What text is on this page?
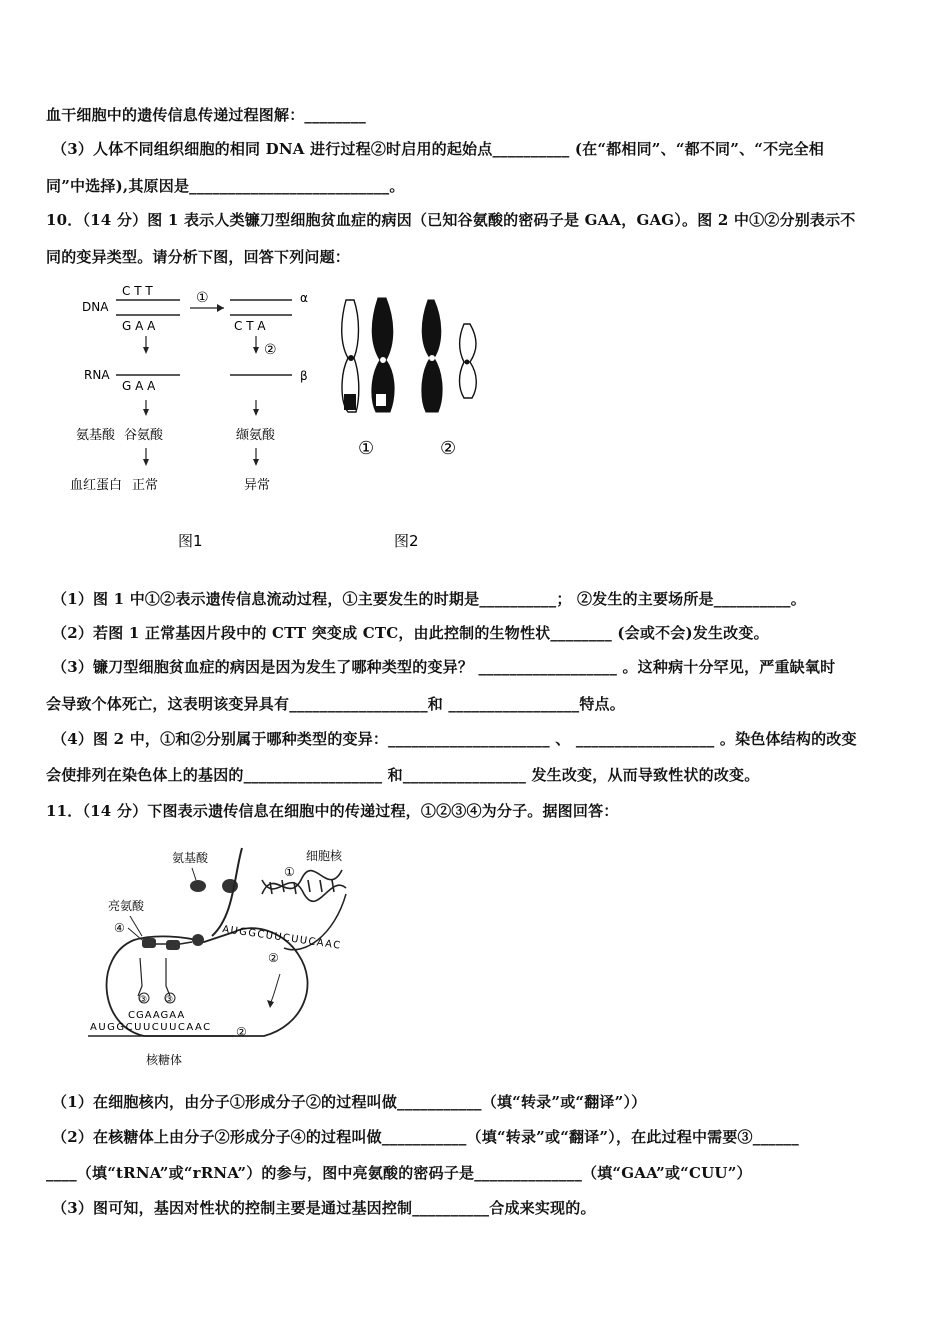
血干细胞中的遗传信息传递过程图解：________
（3）人体不同组织细胞的相同 DNA 进行过程②时启用的起始点__________ (在“都相同”、“都不同”、“不完全相
同”中选择),其原因是__________________________。
10．（14 分）图 1 表示人类镰刀型细胞贫血症的病因（已知谷氨酸的密码子是 GAA，GAG）。图 2 中①②分别表示不
同的变异类型。请分析下图，回答下列问题：
DNA
C T T
G A A
①	α
C T A
②
RNA
G A A
β
氨基酸 谷氨酸	缬氨酸
血红蛋白 正常	异常
图1
①	②
图2
（1）图 1 中①②表示遗传信息流动过程，①主要发生的时期是__________； ②发生的主要场所是__________。
（2）若图 1 正常基因片段中的 CTT 突变成 CTC，由此控制的生物性状________ (会或不会)发生改变。
（3）镰刀型细胞贫血症的病因是因为发生了哪种类型的变异？ __________________ 。这种病十分罕见，严重缺氧时
会导致个体死亡，这表明该变异具有__________________和 _________________特点。
（4）图 2 中，①和②分别属于哪种类型的变异：_____________________ 、 __________________ 。染色体结构的改变
会使排列在染色体上的基因的__________________ 和________________ 发生改变，从而导致性状的改变。
11．（14 分）下图表示遗传信息在细胞中的传递过程，①②③④为分子。据图回答：
氨基酸	细胞核
①
亮氨酸
④
③ ③
CGAAGAA
AUGGCUUCUUCAAC
AUGGCUUCUUCAAC
②
②
核糖体
（1）在细胞核内，由分子①形成分子②的过程叫做___________（填“转录”或“翻译”））
（2）在核糖体上由分子②形成分子④的过程叫做___________（填“转录”或“翻译”），在此过程中需要③______
____（填“tRNA”或“rRNA”）的参与，图中亮氨酸的密码子是______________（填“GAA”或“CUU”）
（3）图可知，基因对性状的控制主要是通过基因控制__________合成来实现的。
